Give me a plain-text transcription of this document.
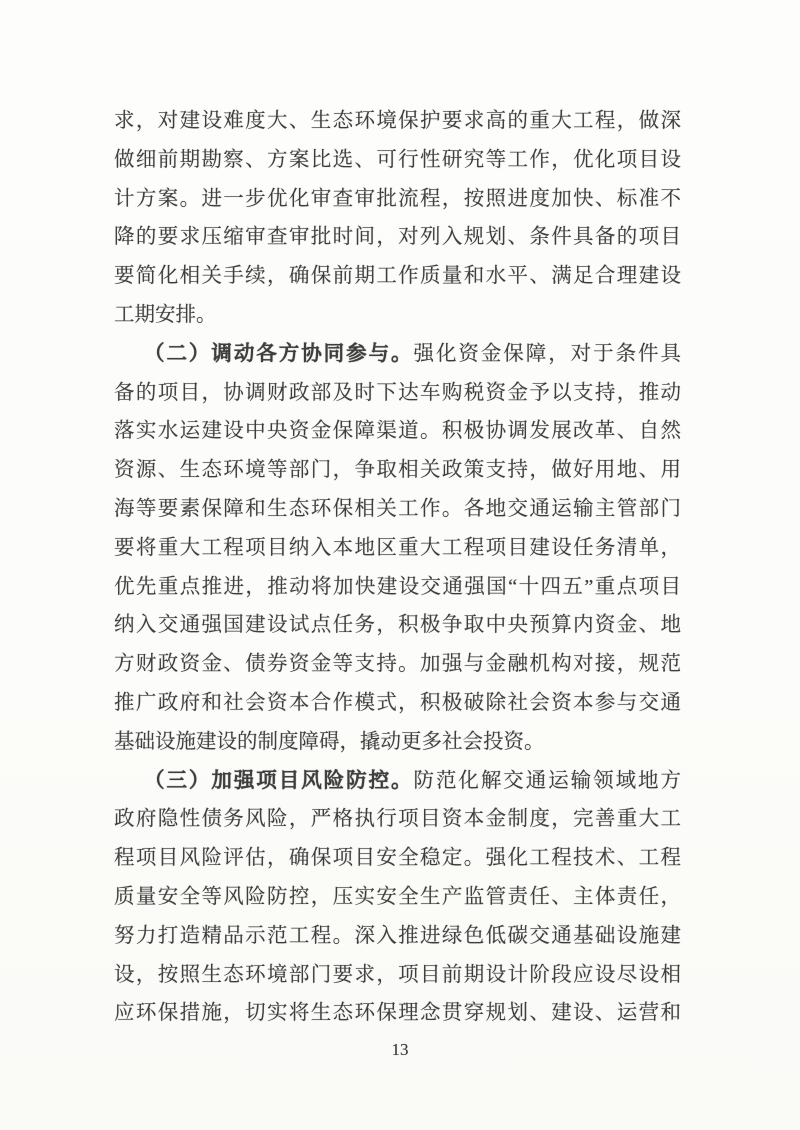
求，对建设难度大、生态环境保护要求高的重大工程，做深
做细前期勘察、方案比选、可行性研究等工作，优化项目设
计方案。进一步优化审查审批流程，按照进度加快、标准不
降的要求压缩审查审批时间，对列入规划、条件具备的项目
要简化相关手续，确保前期工作质量和水平、满足合理建设
工期安排。
（二）调动各方协同参与。强化资金保障，对于条件具
备的项目，协调财政部及时下达车购税资金予以支持，推动
落实水运建设中央资金保障渠道。积极协调发展改革、自然
资源、生态环境等部门，争取相关政策支持，做好用地、用
海等要素保障和生态环保相关工作。各地交通运输主管部门
要将重大工程项目纳入本地区重大工程项目建设任务清单，
优先重点推进，推动将加快建设交通强国“十四五”重点项目
纳入交通强国建设试点任务，积极争取中央预算内资金、地
方财政资金、债券资金等支持。加强与金融机构对接，规范
推广政府和社会资本合作模式，积极破除社会资本参与交通
基础设施建设的制度障碍，撬动更多社会投资。
（三）加强项目风险防控。防范化解交通运输领域地方
政府隐性债务风险，严格执行项目资本金制度，完善重大工
程项目风险评估，确保项目安全稳定。强化工程技术、工程
质量安全等风险防控，压实安全生产监管责任、主体责任，
努力打造精品示范工程。深入推进绿色低碳交通基础设施建
设，按照生态环境部门要求，项目前期设计阶段应设尽设相
应环保措施，切实将生态环保理念贯穿规划、建设、运营和
13
